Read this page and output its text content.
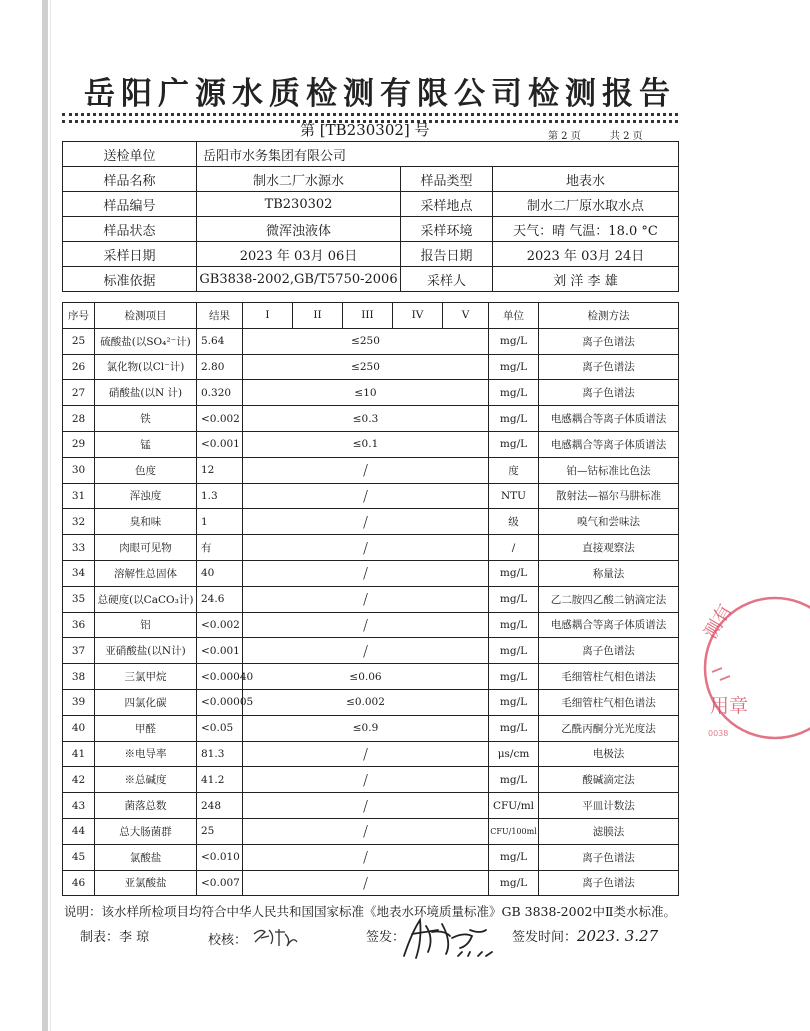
岳阳广源水质检测有限公司检测报告
第 [TB230302] 号	第 2 页	共 2 页
送检单位	岳阳市水务集团有限公司		
样品名称	制水二厂水源水	样品类型	地表水
样品编号	TB230302	采样地点	制水二厂原水取水点
样品状态	微浑浊液体	采样环境	天气：晴 气温：18.0 °C
采样日期	2023 年 03月 06日	报告日期	2023 年 03月 24日
标准依据	GB3838-2002,GB/T5750-2006	采样人	刘 洋 李 雄
序号	检测项目	结果	I	II	III	IV	V	单位	检测方法
25	硫酸盐(以SO₄²⁻计)	5.64	≤250					mg/L	离子色谱法
26	氯化物(以Cl⁻计)	2.80	≤250					mg/L	离子色谱法
27	硝酸盐(以N 计)	0.320	≤10					mg/L	离子色谱法
28	铁	<0.002	≤0.3					mg/L	电感耦合等离子体质谱法
29	锰	<0.001	≤0.1					mg/L	电感耦合等离子体质谱法
30	色度	12	/					度	铂—钴标准比色法
31	浑浊度	1.3	/					NTU	散射法—福尔马肼标准
32	臭和味	1	/					级	嗅气和尝味法
33	肉眼可见物	有	/					/	直接观察法
34	溶解性总固体	40	/					mg/L	称量法
35	总硬度(以CaCO₃计)	24.6	/					mg/L	乙二胺四乙酸二钠滴定法
36	铝	<0.002	/					mg/L	电感耦合等离子体质谱法
37	亚硝酸盐(以N计)	<0.001	/					mg/L	离子色谱法
38	三氯甲烷	<0.00040	≤0.06					mg/L	毛细管柱气相色谱法
39	四氯化碳	<0.00005	≤0.002					mg/L	毛细管柱气相色谱法
40	甲醛	<0.05	≤0.9					mg/L	乙酰丙酮分光光度法
41	※电导率	81.3	/					μs/cm	电极法
42	※总碱度	41.2	/					mg/L	酸碱滴定法
43	菌落总数	248	/					CFU/ml	平皿计数法
44	总大肠菌群	25	/					CFU/100ml	滤膜法
45	氯酸盐	<0.010	/					mg/L	离子色谱法
46	亚氯酸盐	<0.007	/					mg/L	离子色谱法
说明：该水样所检项目均符合中华人民共和国国家标准《地表水环境质量标准》GB 3838-2002中Ⅱ类水标准。
制表：李 琼	校核：	签发：	签发时间：2023. 3.27
测有
用章
0038
